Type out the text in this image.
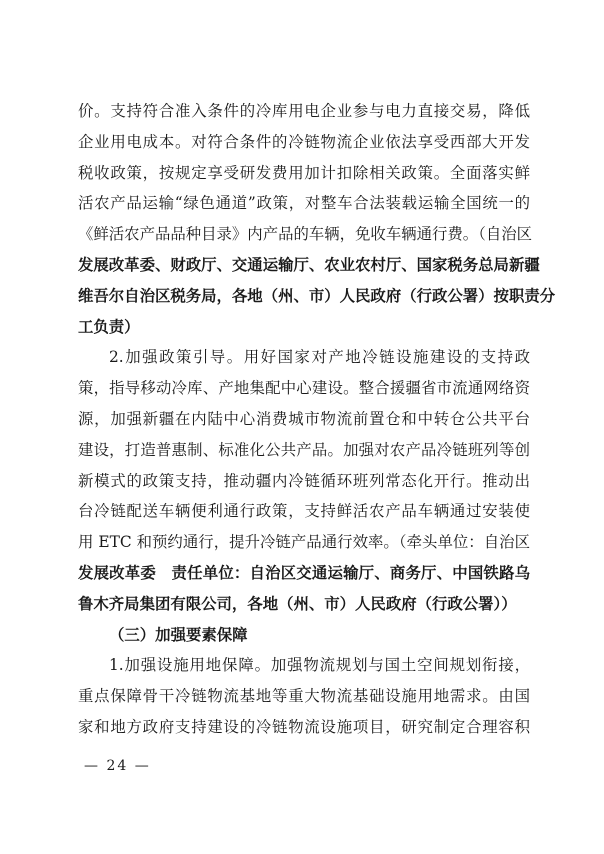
价。支持符合准入条件的冷库用电企业参与电力直接交易，降低
企业用电成本。对符合条件的冷链物流企业依法享受西部大开发
税收政策，按规定享受研发费用加计扣除相关政策。全面落实鲜
活农产品运输“绿色通道”政策，对整车合法装载运输全国统一的
《鲜活农产品品种目录》内产品的车辆，免收车辆通行费。（自治区
发展改革委、财政厅、交通运输厅、农业农村厅、国家税务总局新疆
维吾尔自治区税务局，各地（州、市）人民政府（行政公署）按职责分
工负责）
2.加强政策引导。用好国家对产地冷链设施建设的支持政
策，指导移动冷库、产地集配中心建设。整合援疆省市流通网络资
源，加强新疆在内陆中心消费城市物流前置仓和中转仓公共平台
建设，打造普惠制、标准化公共产品。加强对农产品冷链班列等创
新模式的政策支持，推动疆内冷链循环班列常态化开行。推动出
台冷链配送车辆便利通行政策，支持鲜活农产品车辆通过安装使
用 ETC 和预约通行，提升冷链产品通行效率。（牵头单位：自治区
发展改革委　责任单位：自治区交通运输厅、商务厅、中国铁路乌
鲁木齐局集团有限公司，各地（州、市）人民政府（行政公署））
（三）加强要素保障
1.加强设施用地保障。加强物流规划与国土空间规划衔接，
重点保障骨干冷链物流基地等重大物流基础设施用地需求。由国
家和地方政府支持建设的冷链物流设施项目，研究制定合理容积
— 24 —
